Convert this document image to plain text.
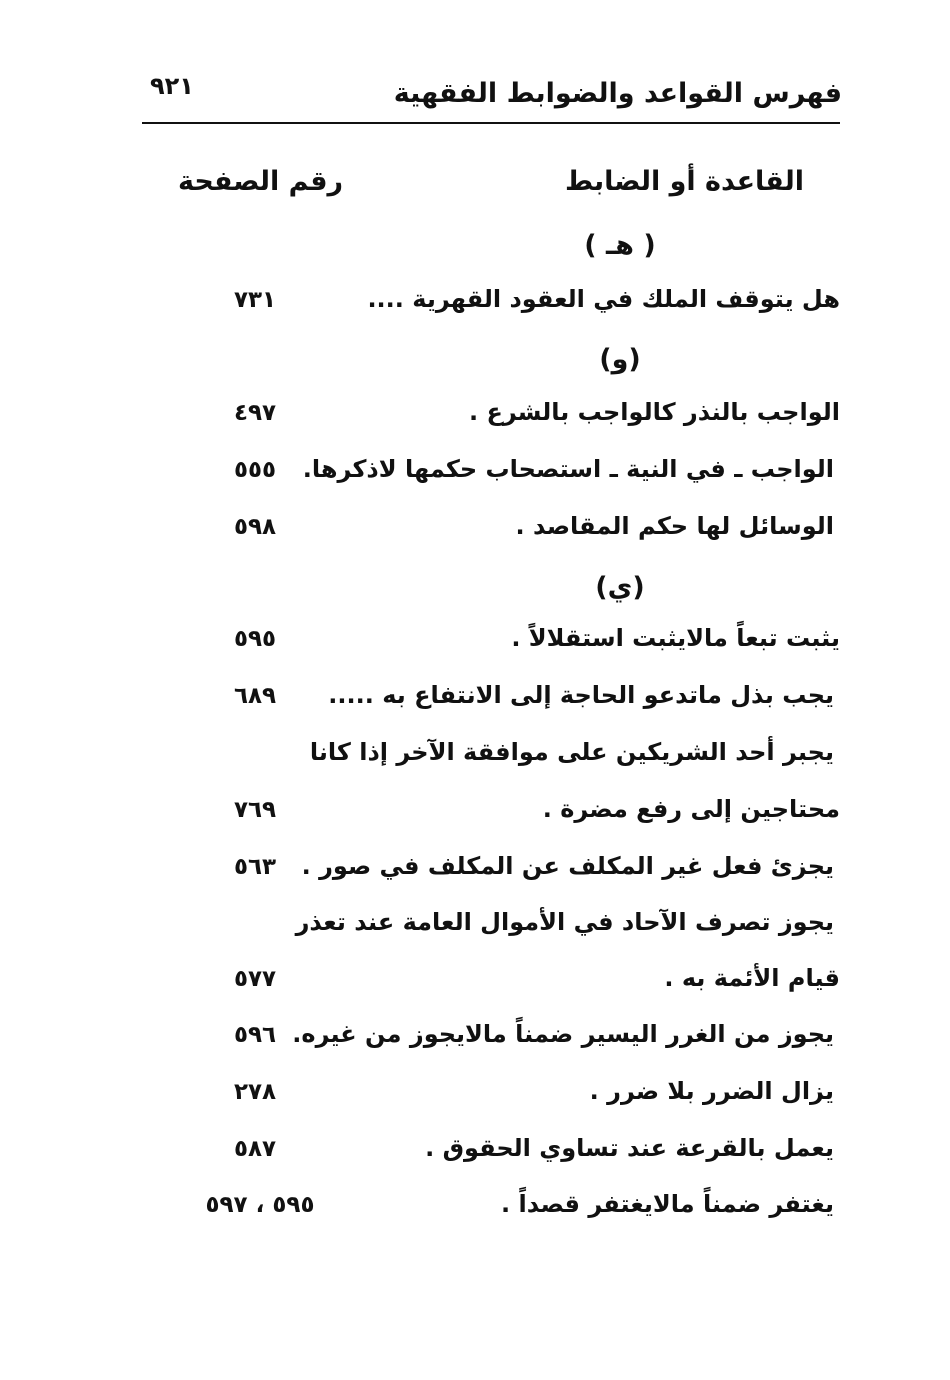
فهرس القواعد والضوابط الفقهية
٩٢١
القاعدة أو الضابط
رقم الصفحة
( هـ )
(و)
(ي)
هل يتوقف الملك في العقود القهرية ....
٧٣١
الواجب بالنذر كالواجب بالشرع .
٤٩٧
الواجب ـ في النية ـ استصحاب حكمها لاذكرها.
٥٥٥
الوسائل لها حكم المقاصد .
٥٩٨
يثبت تبعاً مالايثبت استقلالاً .
٥٩٥
يجب بذل ماتدعو الحاجة إلى الانتفاع به .....
٦٨٩
يجبر أحد الشريكين على موافقة الآخر إذا كانا
محتاجين إلى رفع مضرة .
٧٦٩
يجزئ فعل غير المكلف عن المكلف في صور .
٥٦٣
يجوز تصرف الآحاد في الأموال العامة عند تعذر
قيام الأئمة به .
٥٧٧
يجوز من الغرر اليسير ضمناً مالايجوز من غيره.
٥٩٦
يزال الضرر بلا ضرر .
٢٧٨
يعمل بالقرعة عند تساوي الحقوق .
٥٨٧
يغتفر ضمناً مالايغتفر قصداً .
٥٩٥ ، ٥٩٧
